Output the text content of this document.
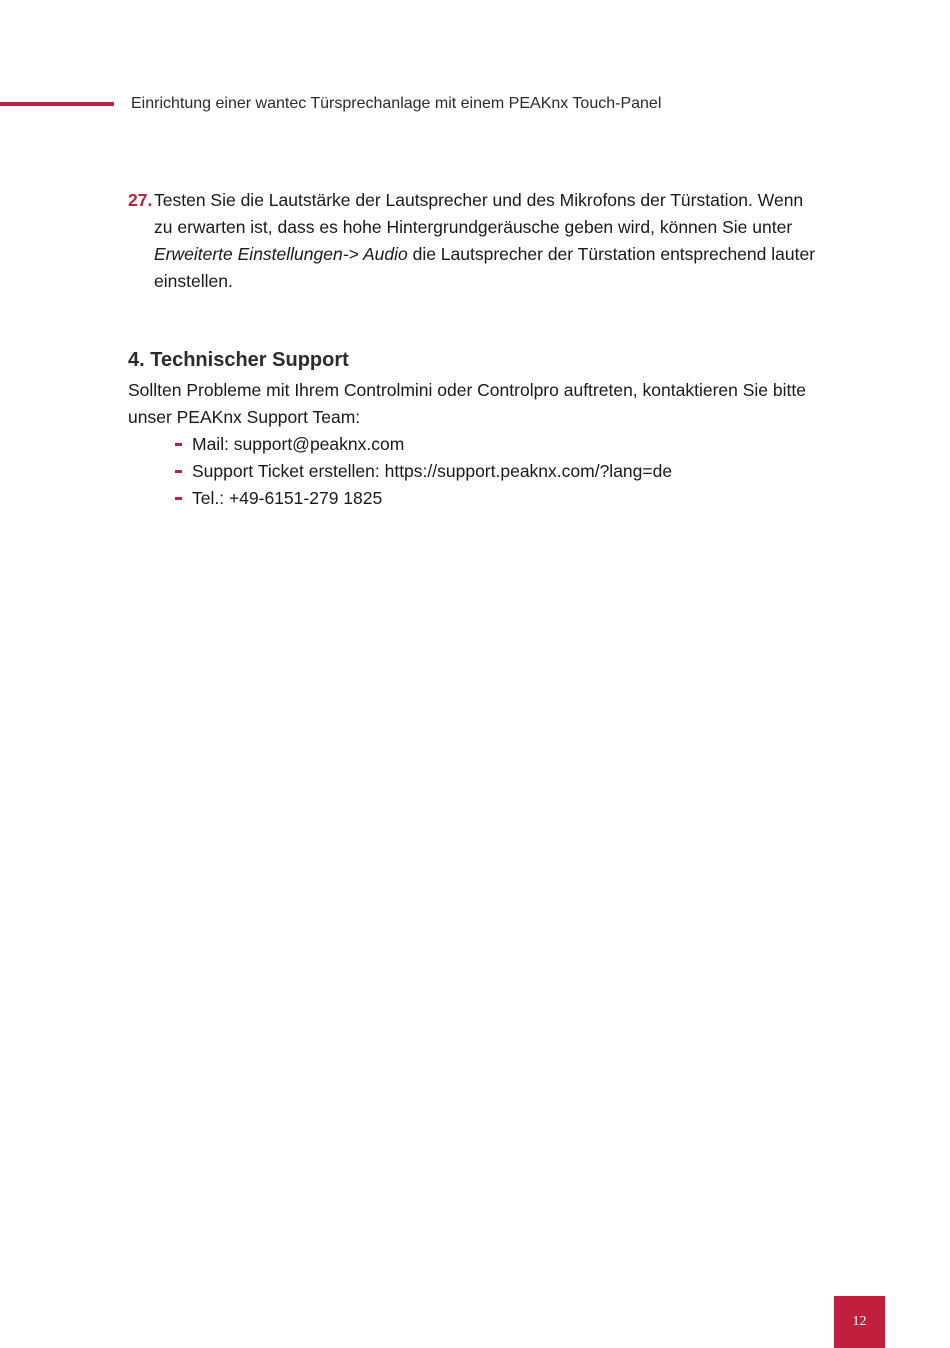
Einrichtung einer wantec Türsprechanlage mit einem PEAKnx Touch-Panel
27. Testen Sie die Lautstärke der Lautsprecher und des Mikrofons der Türstation. Wenn zu erwarten ist, dass es hohe Hintergrundgeräusche geben wird, können Sie unter Erweiterte Einstellungen-> Audio die Lautsprecher der Türstation entsprechend lauter einstellen.
4. Technischer Support
Sollten Probleme mit Ihrem Controlmini oder Controlpro auftreten, kontaktieren Sie bitte unser PEAKnx Support Team:
Mail: support@peaknx.com
Support Ticket erstellen: https://support.peaknx.com/?lang=de
Tel.: +49-6151-279 1825
12
